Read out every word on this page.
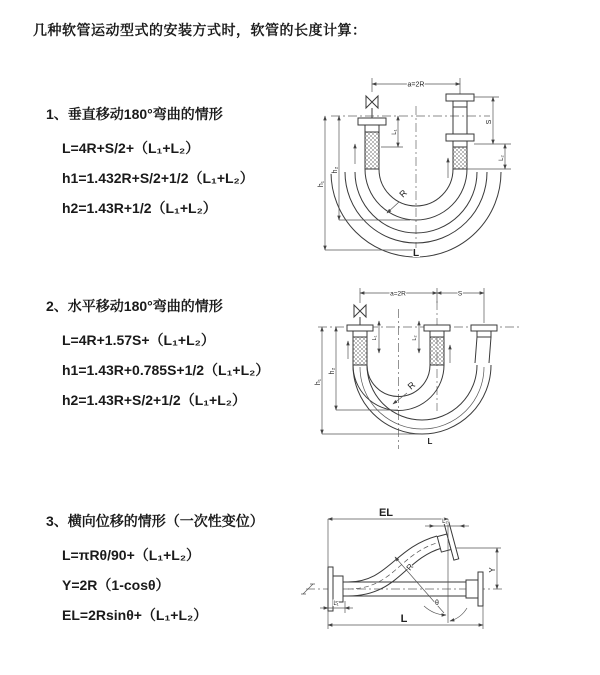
几种软管运动型式的安装方式时，软管的长度计算：
1、垂直移动180°弯曲的情形
L=4R+S/2+（L₁+L₂）
h1=1.432R+S/2+1/2（L₁+L₂）
h2=1.43R+1/2（L₁+L₂）
2、水平移动180°弯曲的情形
L=4R+1.57S+（L₁+L₂）
h1=1.43R+0.785S+1/2（L₁+L₂）
h2=1.43R+S/2+1/2（L₁+L₂）
3、横向位移的情形（一次性变位）
L=πRθ/90+（L₁+L₂）
Y=2R（1-cosθ）
EL=2Rsinθ+（L₁+L₂）
a=2R
R
h₁
h₂
S
L₂
L₁
L
a=2R	S
L₁	L₂
R
h₁
h₂
L
R
θ
EL
L₂
Y
L
L₁
